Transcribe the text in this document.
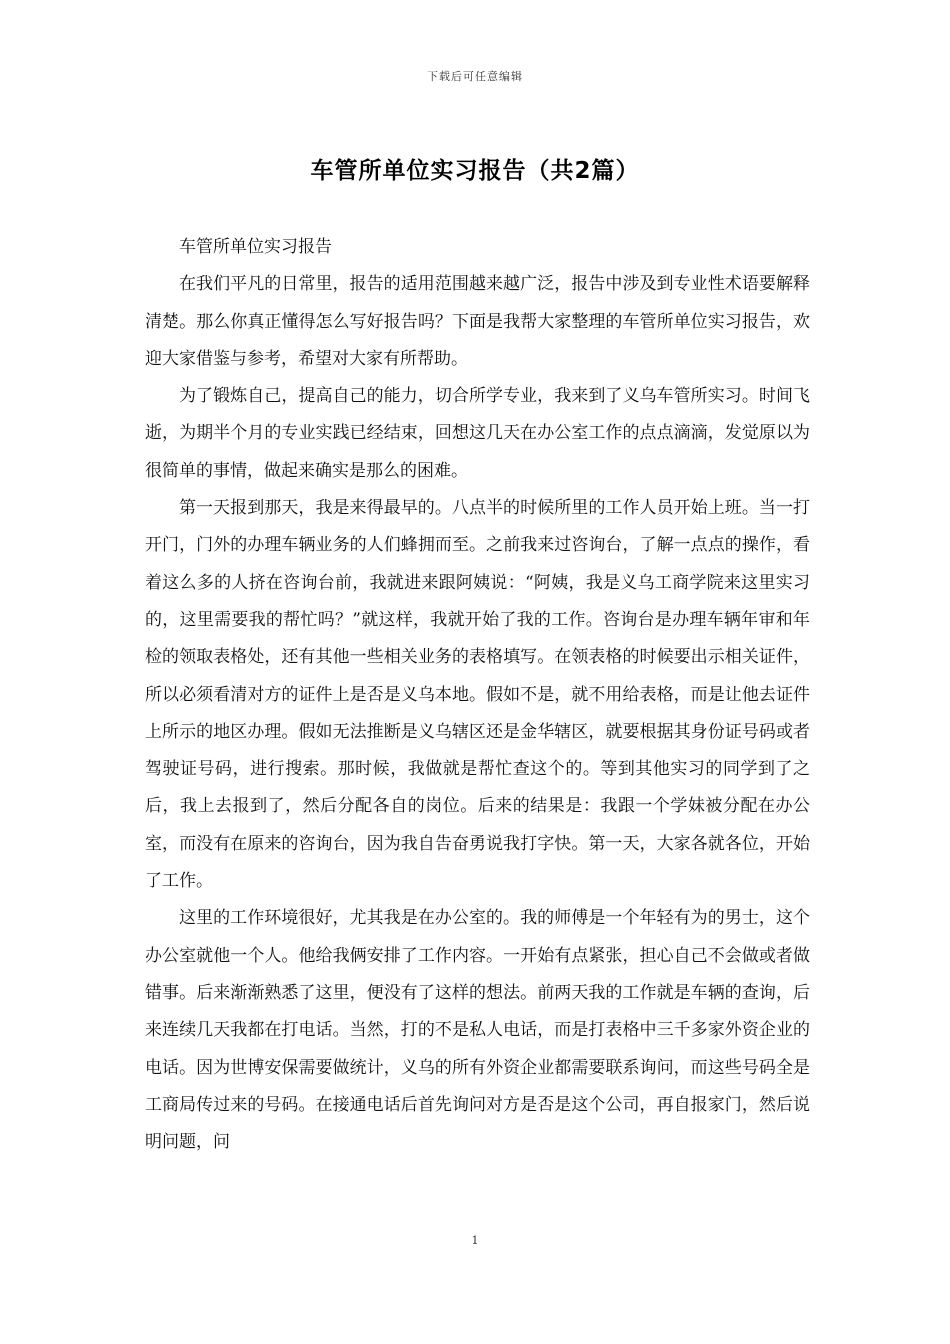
下载后可任意编辑
车管所单位实习报告（共2篇）

车管所单位实习报告

在我们平凡的日常里，报告的适用范围越来越广泛，报告中涉及到专业性术语要解释清楚。那么你真正懂得怎么写好报告吗？下面是我帮大家整理的车管所单位实习报告，欢迎大家借鉴与参考，希望对大家有所帮助。

为了锻炼自己，提高自己的能力，切合所学专业，我来到了义乌车管所实习。时间飞逝，为期半个月的专业实践已经结束，回想这几天在办公室工作的点点滴滴，发觉原以为很简单的事情，做起来确实是那么的困难。

第一天报到那天，我是来得最早的。八点半的时候所里的工作人员开始上班。当一打开门，门外的办理车辆业务的人们蜂拥而至。之前我来过咨询台，了解一点点的操作，看着这么多的人挤在咨询台前，我就进来跟阿姨说：“阿姨，我是义乌工商学院来这里实习的，这里需要我的帮忙吗？”就这样，我就开始了我的工作。咨询台是办理车辆年审和年检的领取表格处，还有其他一些相关业务的表格填写。在领表格的时候要出示相关证件，所以必须看清对方的证件上是否是义乌本地。假如不是，就不用给表格，而是让他去证件上所示的地区办理。假如无法推断是义乌辖区还是金华辖区，就要根据其身份证号码或者驾驶证号码，进行搜索。那时候，我做就是帮忙查这个的。等到其他实习的同学到了之后，我上去报到了，然后分配各自的岗位。后来的结果是：我跟一个学妹被分配在办公室，而没有在原来的咨询台，因为我自告奋勇说我打字快。第一天，大家各就各位，开始了工作。

这里的工作环境很好，尤其我是在办公室的。我的师傅是一个年轻有为的男士，这个办公室就他一个人。他给我俩安排了工作内容。一开始有点紧张，担心自己不会做或者做错事。后来渐渐熟悉了这里，便没有了这样的想法。前两天我的工作就是车辆的查询，后来连续几天我都在打电话。当然，打的不是私人电话，而是打表格中三千多家外资企业的电话。因为世博安保需要做统计，义乌的所有外资企业都需要联系询问，而这些号码全是工商局传过来的号码。在接通电话后首先询问对方是否是这个公司，再自报家门，然后说明问题，问

1
